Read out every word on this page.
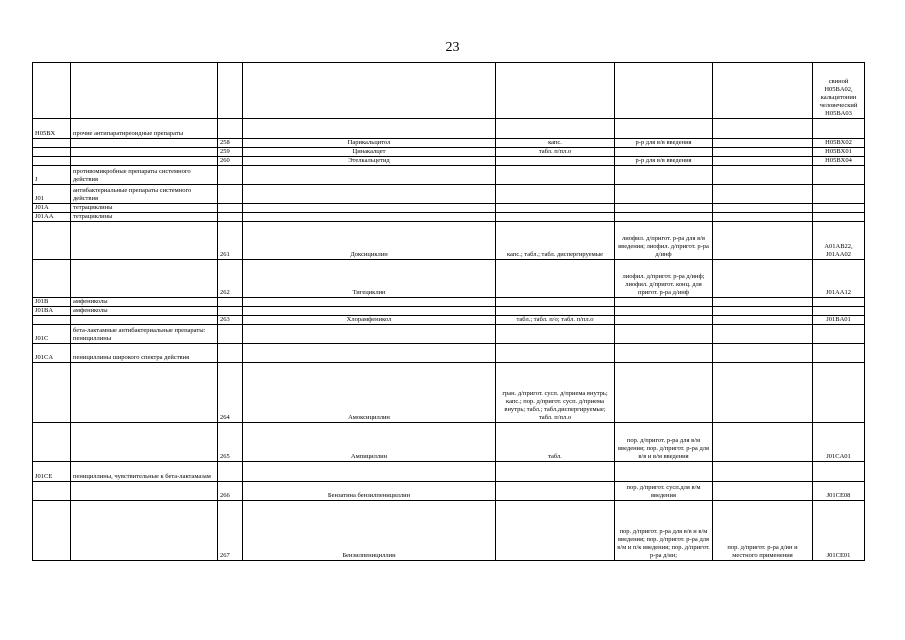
23
							свиной H05BA02, кальцитонин человеческий H05BA03
H05BX	прочие антипаратиреоидные препараты						
		258	Парикальцитол	капс.	р-р для в/в введения		H05BX02
		259	Цинакалцет	табл. п/пл.о			H05BX01
		260	Этелкальцетид		р-р для в/в введения		H05BX04
J	противомикробные препараты системного действия						
J01	антибактериальные препараты системного действия						
J01A	тетрациклины						
J01AA	тетрациклины						
		261	Доксициклин	капс.; табл.; табл. диспергируемые	лиофил. д/пригот. р-ра для в/в введения; лиофил. д/пригот. р-ра д/инф		A01AB22, J01AA02
		262	Тигециклин		лиофил. д/пригот. р-ра д/инф; лиофил. д/пригот. конц. для пригот. р-ра д/инф		J01AA12
J01B	амфениколы						
J01BA	амфениколы						
		263	Хлорамфеникол	табл.; табл. п/о; табл. п/пл.о			J01BA01
J01C	бета-лактамные антибактериальные препараты: пенициллины						
J01CA	пенициллины широкого спектра действия						
		264	Амоксициллин	гран. д/пригот. сусп. д/приема внутрь; капс.; пор. д/пригот. сусп. д/приема внутрь; табл.; табл.диспергируемые; табл. п/пл.о			
		265	Ампициллин	табл.	пор. д/пригот. р-ра для в/м введения; пор. д/пригот. р-ра для в/в и в/м введения		J01CA01
J01CE	пенициллины, чувствительные к бета-лактамазам						
		266	Бензатина бензилпенициллин		пор. д/пригот. сусп.для в/м введения		J01CE08
		267	Бензилпенициллин		пор. д/пригот. р-ра для в/в и в/м введения; пор. д/пригот. р-ра для в/м и п/к введения; пор. д/пригот. р-ра д/ин;	пор. д/пригот. р-ра д/ин и местного применения	J01CE01
